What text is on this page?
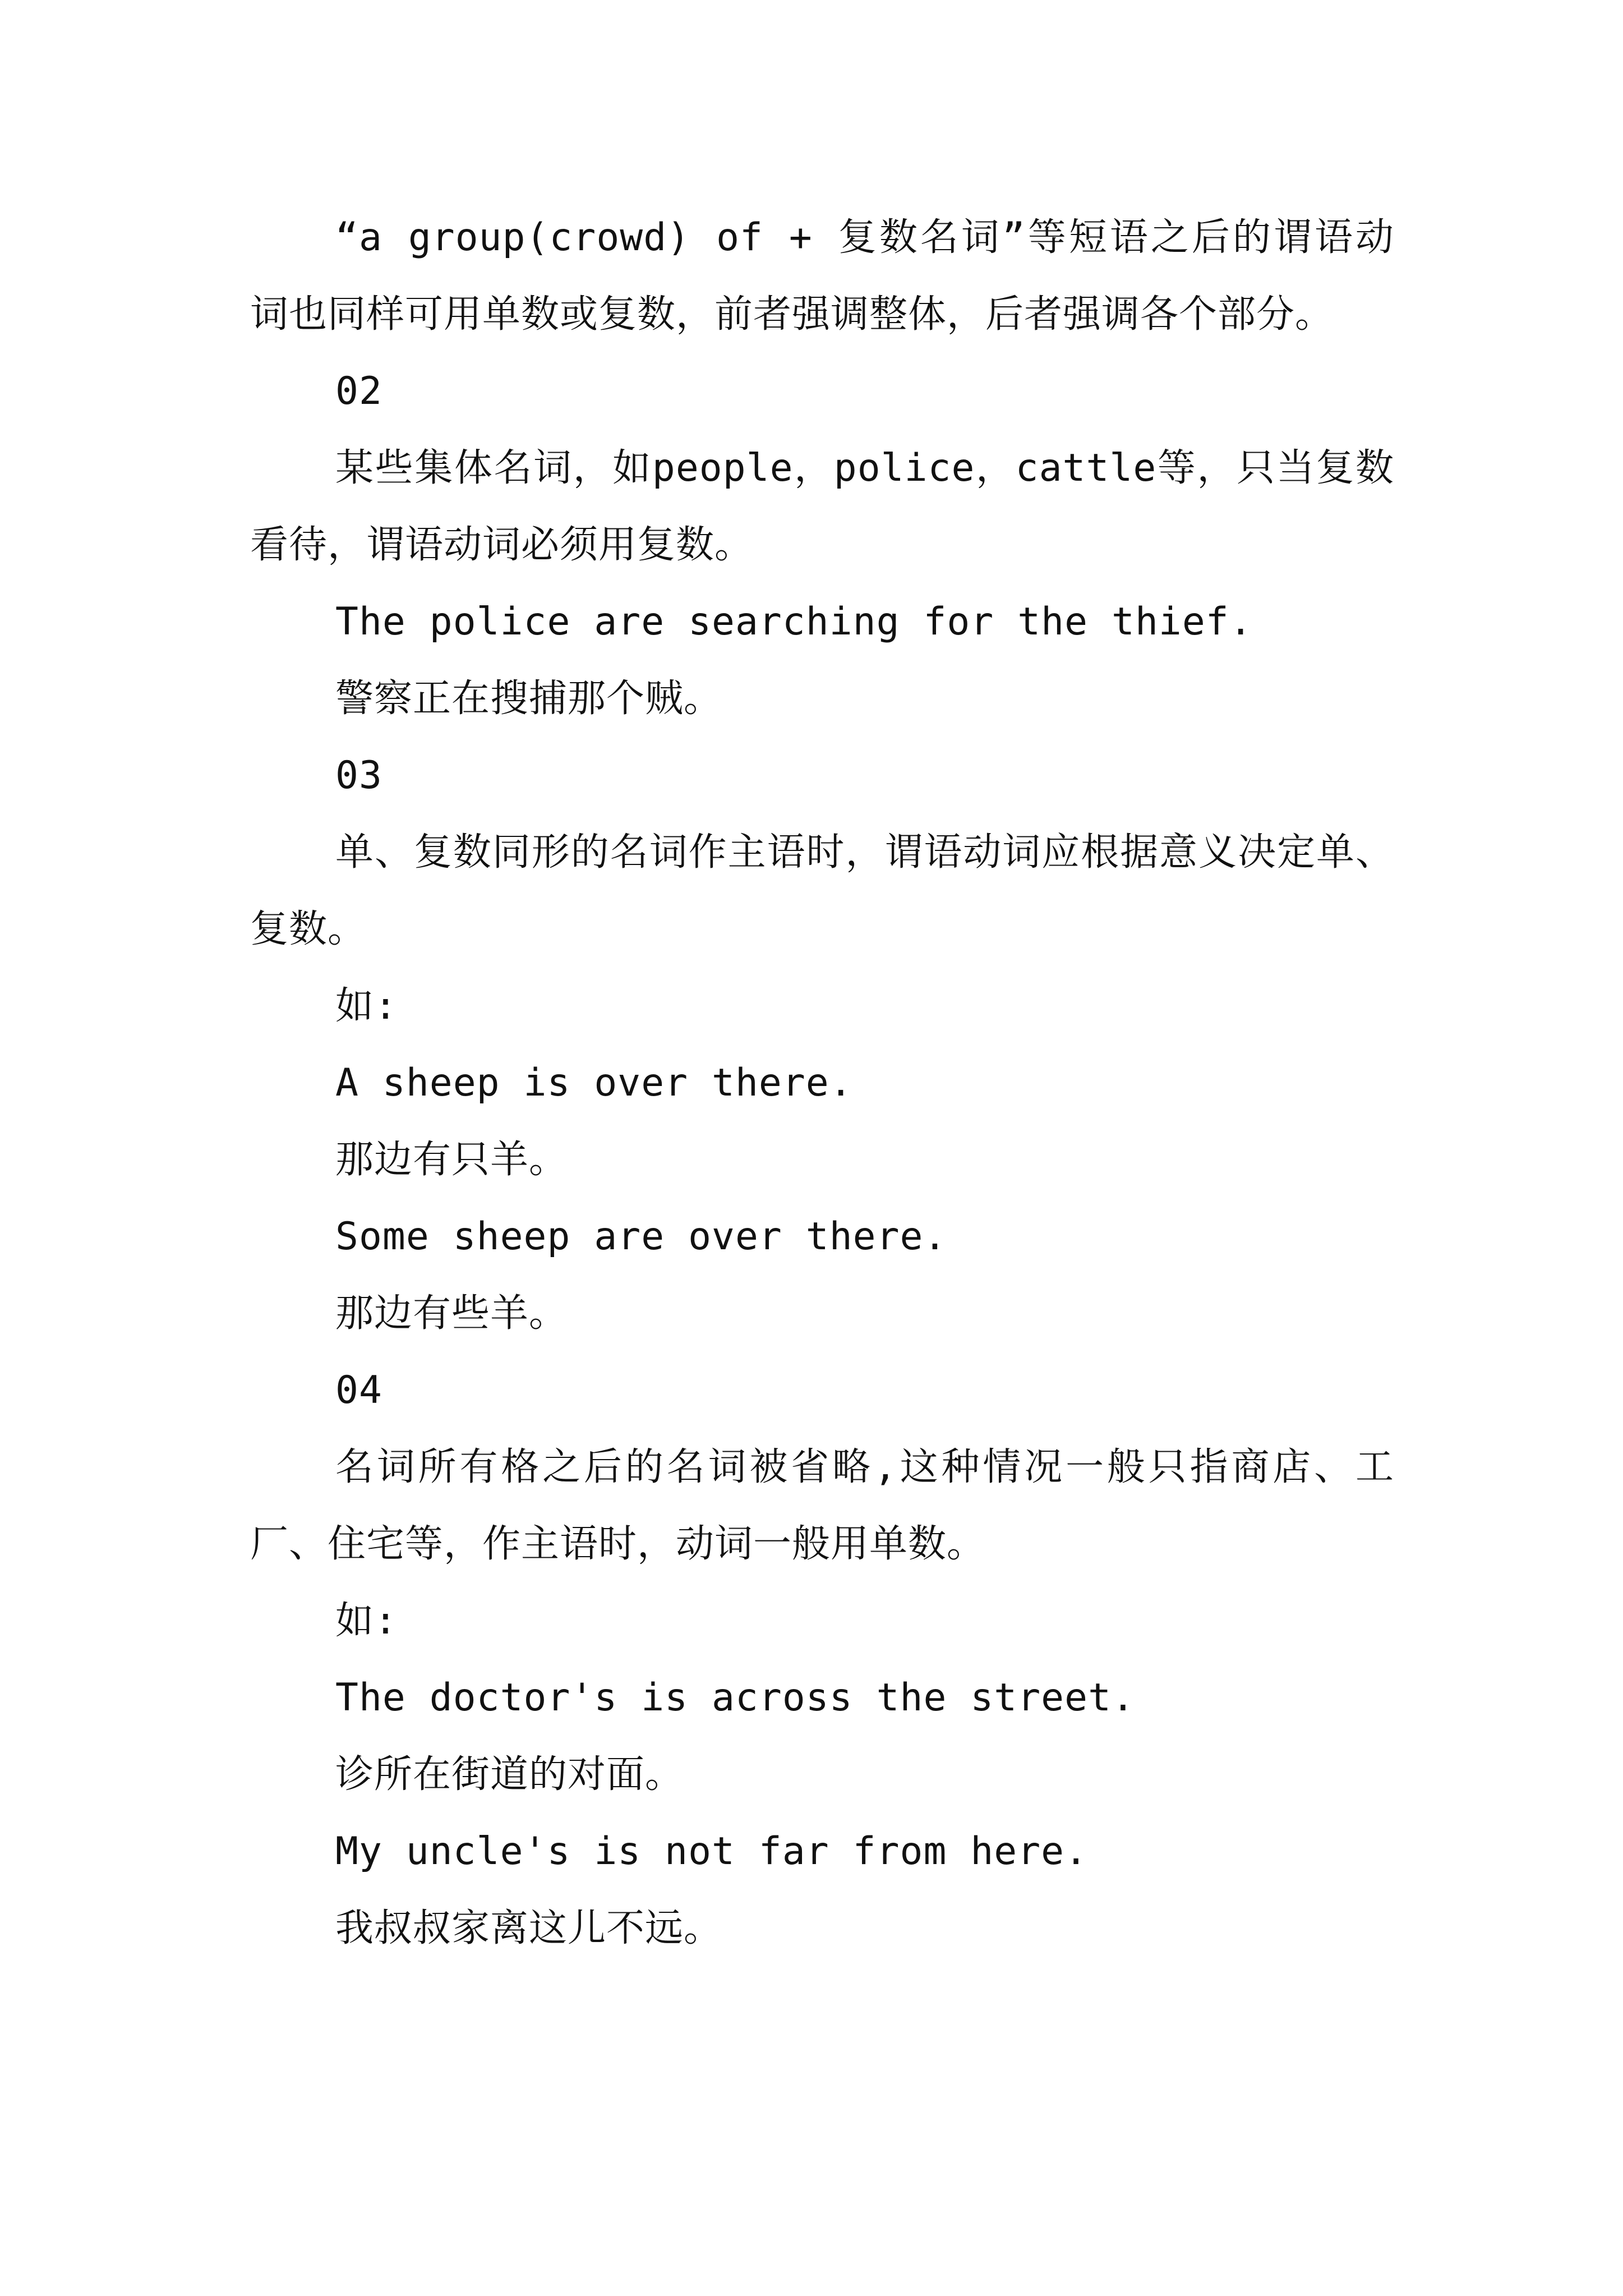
“a group(crowd) of + 复数名词”等短语之后的谓语动词也同样可用单数或复数，前者强调整体，后者强调各个部分。

02

某些集体名词，如people，police，cattle等，只当复数看待，谓语动词必须用复数。

The police are searching for the thief.

警察正在搜捕那个贼。

03

单、复数同形的名词作主语时，谓语动词应根据意义决定单、复数。

如:

A sheep is over there.

那边有只羊。

Some sheep are over there.

那边有些羊。

04

名词所有格之后的名词被省略,这种情况一般只指商店、工厂、住宅等，作主语时，动词一般用单数。

如:

The doctor's is across the street.

诊所在街道的对面。

My uncle's is not far from here.

我叔叔家离这儿不远。
